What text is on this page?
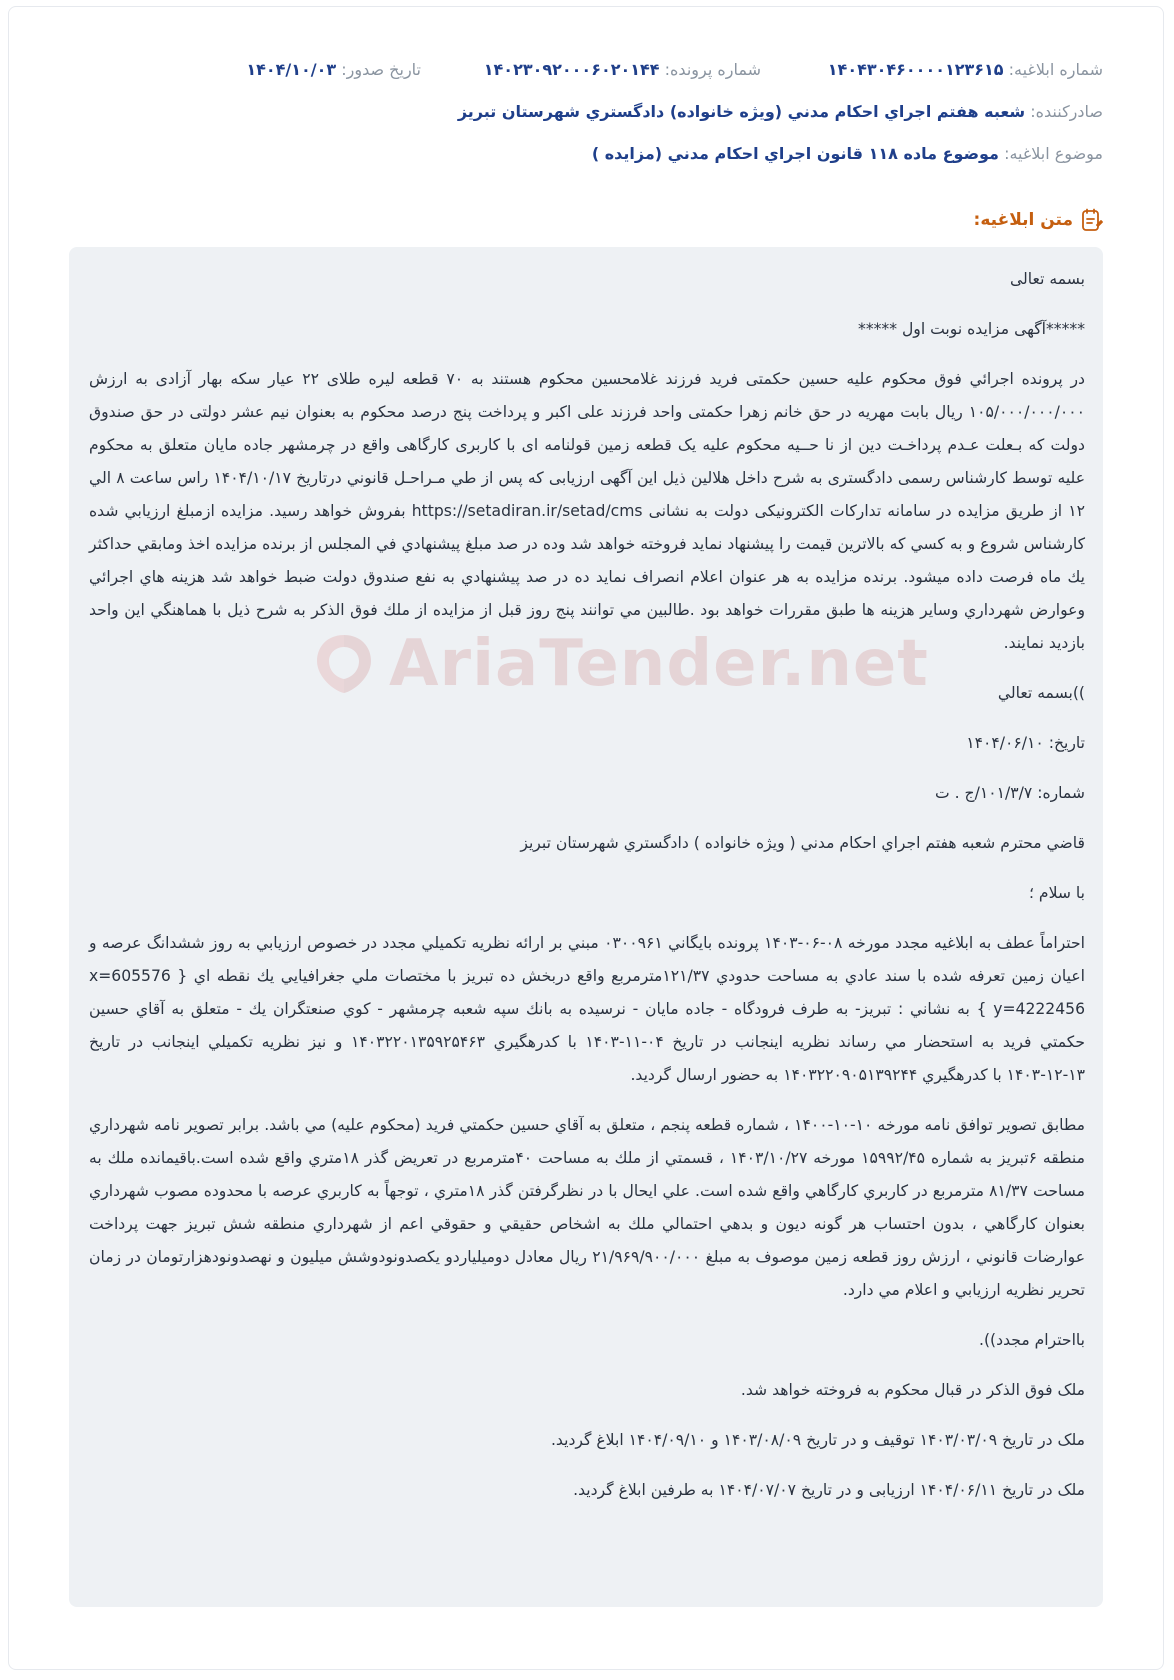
شماره ابلاغیه: ۱۴۰۴۳۰۴۶۰۰۰۰۱۲۳۶۱۵
شماره پرونده: ۱۴۰۲۳۰۹۲۰۰۰۶۰۲۰۱۴۴
تاریخ صدور: ۱۴۰۴/۱۰/۰۳
صادرکننده: شعبه هفتم اجراي احکام مدني (ويژه خانواده) دادگستري شهرستان تبريز
موضوع ابلاغیه: موضوع ماده ۱۱۸ قانون اجراي احکام مدني (مزايده )
متن ابلاغیه:
AriaTender.net

بسمه تعالی

*****آگهی مزایده نوبت اول *****

در پرونده اجرائي فوق محکوم علیه حسین حکمتی فرید فرزند غلامحسین محکوم هستند به ۷۰ قطعه لیره طلای ۲۲ عیار سکه بهار آزادی به ارزش ۱۰۵/۰۰۰/۰۰۰/۰۰۰ ریال بابت مهریه در حق خانم زهرا حکمتی واحد فرزند علی اکبر و پرداخت پنج درصد محکوم به بعنوان نیم عشر دولتی در حق صندوق دولت که بـعلت عـدم پرداخـت دین از نا حــیه محکوم علیه یک قطعه زمین قولنامه ای با کاربری کارگاهی واقع در چرمشهر جاده مایان متعلق به محکوم علیه توسط کارشناس رسمی دادگستری به شرح داخل هلالین ذیل این آگهی ارزیابی که پس از طي مـراحـل قانوني درتاریخ ۱۴۰۴/۱۰/۱۷ راس ساعت ۸ الي ۱۲ از طریق مزایده در سامانه تدارکات الکترونیکی دولت به نشانی https://setadiran.ir/setad/cms بفروش خواهد رسید. مزايده ازمبلغ ارزيابي شده كارشناس شروع و به كسي كه بالاترين قيمت را پيشنهاد نمايد فروخته خواهد شد وده در صد مبلغ پيشنهادي في المجلس از برنده مزايده اخذ ومابقي حداكثر يك ماه فرصت داده ميشود. برنده مزايده به هر عنوان اعلام انصراف نمايد ده در صد پيشنهادي به نفع صندوق دولت ضبط خواهد شد هزينه هاي اجرائي وعوارض شهرداري وساير هزينه ها طبق مقررات خواهد بود .طالبين مي توانند پنج روز قبل از مزايده از ملك فوق الذكر به شرح ذيل با هماهنگي اين واحد بازديد نمايند.

))بسمه تعالي

تاریخ: ۱۴۰۴/۰۶/۱۰

شماره: ۱۰۱/۳/۷/ج . ت

قاضي محترم شعبه هفتم اجراي احكام مدني ( ويژه خانواده ) دادگستري شهرستان تبريز

با سلام ؛

احتراماً عطف به ابلاغيه مجدد مورخه ۰۸-۰۶-۱۴۰۳ پرونده بايگاني ۰۳۰۰۹۶۱ مبني بر ارائه نظريه تكميلي مجدد در خصوص ارزيابي به روز ششدانگ عرصه و اعيان زمين تعرفه شده با سند عادي به مساحت حدودي ۱۲۱/۳۷مترمربع واقع دربخش ده تبريز با مختصات ملي جغرافيايي يك نقطه اي { x=605576 y=4222456 } به نشاني : تبريز- به طرف فرودگاه - جاده مايان - نرسيده به بانك سپه شعبه چرمشهر - كوي صنعتگران يك - متعلق به آقاي حسين حكمتي فريد به استحضار مي رساند نظريه اينجانب در تاريخ ۰۴-۱۱-۱۴۰۳ با كدرهگيري ۱۴۰۳۲۲۰۱۳۵۹۲۵۴۶۳ و نيز نظريه تكميلي اينجانب در تاريخ ۱۳-۱۲-۱۴۰۳ با كدرهگيري ۱۴۰۳۲۲۰۹۰۵۱۳۹۲۴۴ به حضور ارسال گرديد.

مطابق تصوير توافق نامه مورخه ۱۰-۱۰-۱۴۰۰ ، شماره قطعه پنجم ، متعلق به آقاي حسين حكمتي فريد (محكوم عليه) مي باشد. برابر تصوير نامه شهرداري منطقه ۶تبريز به شماره ۱۵۹۹۲/۴۵ مورخه ۱۴۰۳/۱۰/۲۷ ، قسمتي از ملك به مساحت ۴۰مترمربع در تعريض گذر ۱۸متري واقع شده است.باقيمانده ملك به مساحت ۸۱/۳۷ مترمربع در كاربري كارگاهي واقع شده است. علي ايحال با در نظرگرفتن گذر ۱۸متري ، توجهاً به كاربري عرصه با محدوده مصوب شهرداري بعنوان كارگاهي ، بدون احتساب هر گونه ديون و بدهي احتمالي ملك به اشخاص حقيقي و حقوقي اعم از شهرداري منطقه شش تبريز جهت پرداخت عوارضات قانوني ، ارزش روز قطعه زمين موصوف به مبلغ ۲۱/۹۶۹/۹۰۰/۰۰۰ ريال معادل دوميلياردو يكصدونودوشش ميليون و نهصدونودهزارتومان در زمان تحرير نظريه ارزيابي و اعلام مي دارد.

بااحترام مجدد)).

ملک فوق الذکر در قبال محکوم به فروخته خواهد شد.

ملک در تاریخ ۱۴۰۳/۰۳/۰۹ توقیف و در تاریخ ۱۴۰۳/۰۸/۰۹ و ۱۴۰۴/۰۹/۱۰ ابلاغ گردید.

ملک در تاریخ ۱۴۰۴/۰۶/۱۱ ارزیابی و در تاریخ ۱۴۰۴/۰۷/۰۷ به طرفین ابلاغ گردید.
